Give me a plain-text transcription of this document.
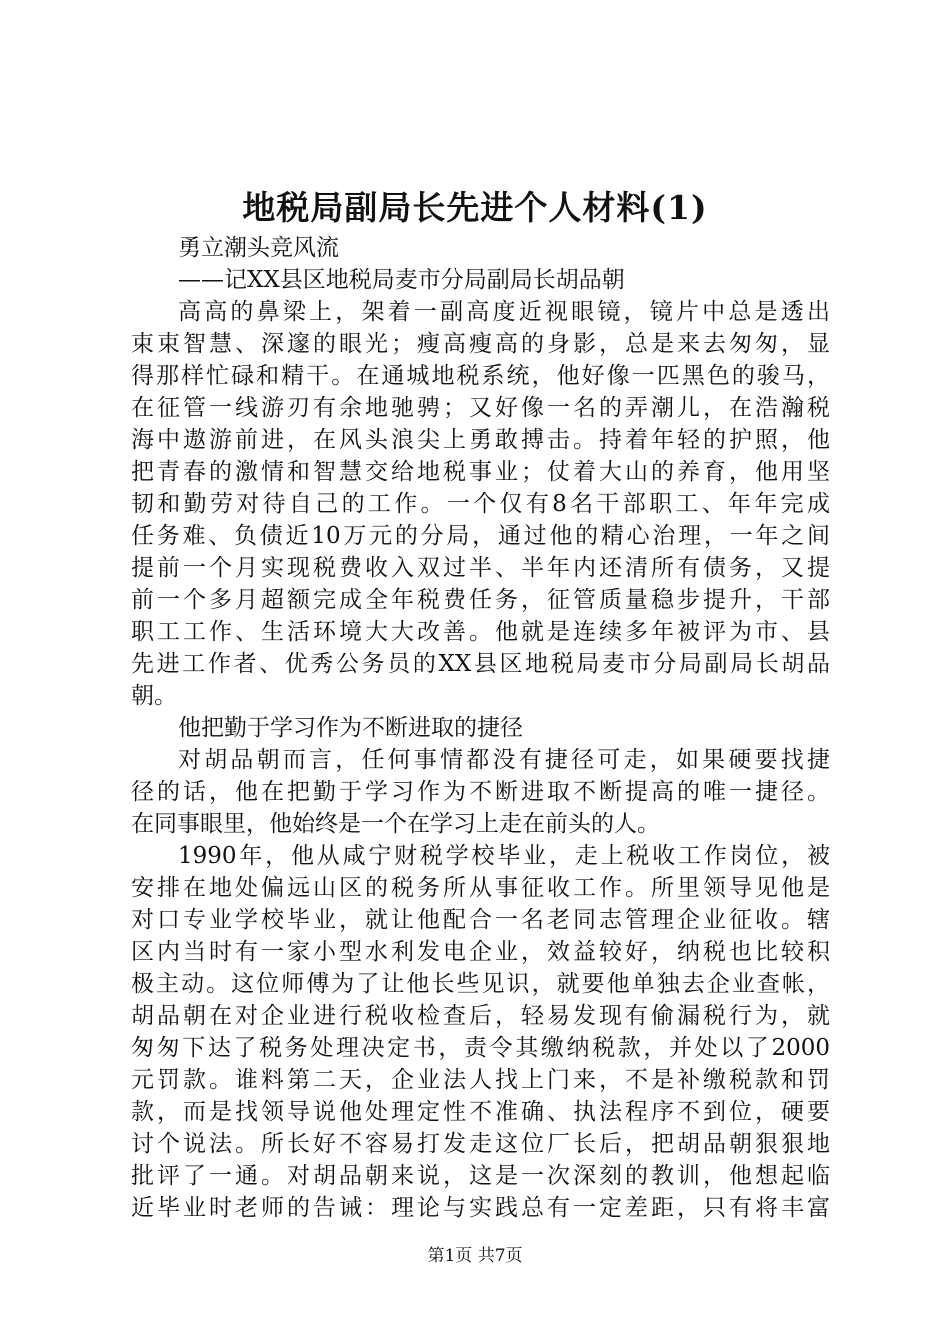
地税局副局长先进个人材料(1)
勇立潮头竞风流
——记XX县区地税局麦市分局副局长胡品朝
高高的鼻梁上，架着一副高度近视眼镜，镜片中总是透出
束束智慧、深邃的眼光；瘦高瘦高的身影，总是来去匆匆，显
得那样忙碌和精干。在通城地税系统，他好像一匹黑色的骏马，
在征管一线游刃有余地驰骋；又好像一名的弄潮儿，在浩瀚税
海中遨游前进，在风头浪尖上勇敢搏击。持着年轻的护照，他
把青春的激情和智慧交给地税事业；仗着大山的养育，他用坚
韧和勤劳对待自己的工作。一个仅有8名干部职工、年年完成
任务难、负债近10万元的分局，通过他的精心治理，一年之间
提前一个月实现税费收入双过半、半年内还清所有债务，又提
前一个多月超额完成全年税费任务，征管质量稳步提升，干部
职工工作、生活环境大大改善。他就是连续多年被评为市、县
先进工作者、优秀公务员的XX县区地税局麦市分局副局长胡品
朝。
他把勤于学习作为不断进取的捷径
对胡品朝而言，任何事情都没有捷径可走，如果硬要找捷
径的话，他在把勤于学习作为不断进取不断提高的唯一捷径。
在同事眼里，他始终是一个在学习上走在前头的人。
1990年，他从咸宁财税学校毕业，走上税收工作岗位，被
安排在地处偏远山区的税务所从事征收工作。所里领导见他是
对口专业学校毕业，就让他配合一名老同志管理企业征收。辖
区内当时有一家小型水利发电企业，效益较好，纳税也比较积
极主动。这位师傅为了让他长些见识，就要他单独去企业查帐，
胡品朝在对企业进行税收检查后，轻易发现有偷漏税行为，就
匆匆下达了税务处理决定书，责令其缴纳税款，并处以了2000
元罚款。谁料第二天，企业法人找上门来，不是补缴税款和罚
款，而是找领导说他处理定性不准确、执法程序不到位，硬要
讨个说法。所长好不容易打发走这位厂长后，把胡品朝狠狠地
批评了一通。对胡品朝来说，这是一次深刻的教训，他想起临
近毕业时老师的告诫：理论与实践总有一定差距，只有将丰富
第1页 共7页
